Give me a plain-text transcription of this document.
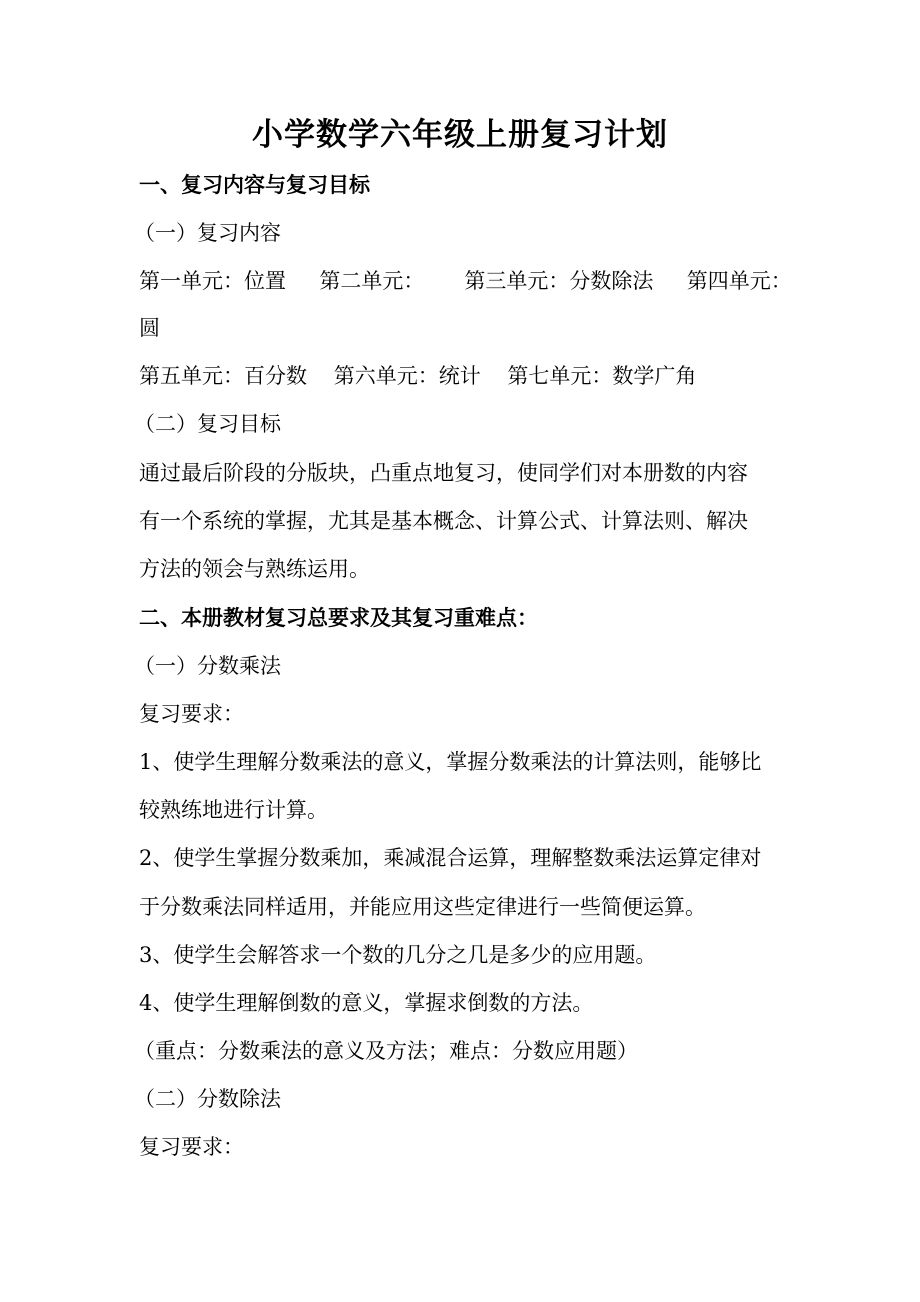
小学数学六年级上册复习计划
一、复习内容与复习目标
（一）复习内容
第一单元：位置     第二单元：      第三单元：分数除法     第四单元：
圆
第五单元：百分数    第六单元：统计    第七单元：数学广角
（二）复习目标
通过最后阶段的分版块，凸重点地复习，使同学们对本册数的内容
有一个系统的掌握，尤其是基本概念、计算公式、计算法则、解决
方法的领会与熟练运用。
二、本册教材复习总要求及其复习重难点：
（一）分数乘法
复习要求：
1、使学生理解分数乘法的意义，掌握分数乘法的计算法则，能够比
较熟练地进行计算。
2、使学生掌握分数乘加，乘减混合运算，理解整数乘法运算定律对
于分数乘法同样适用，并能应用这些定律进行一些简便运算。
3、使学生会解答求一个数的几分之几是多少的应用题。
4、使学生理解倒数的意义，掌握求倒数的方法。
（重点：分数乘法的意义及方法；难点：分数应用题）
（二）分数除法
复习要求：
